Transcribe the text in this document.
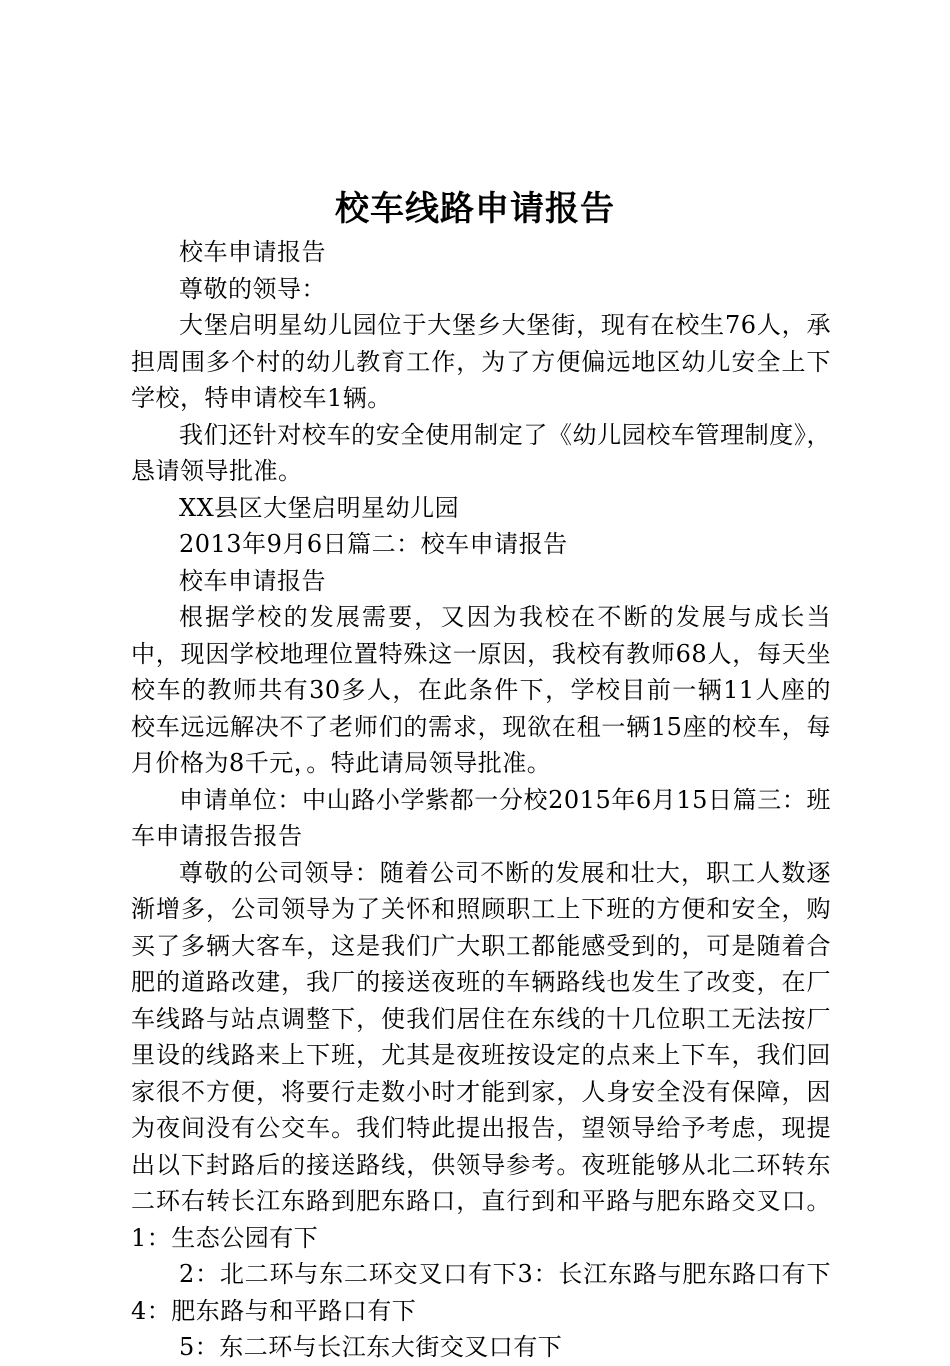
校车线路申请报告

校车申请报告

尊敬的领导：

大堡启明星幼儿园位于大堡乡大堡街，现有在校生76人，承担周围多个村的幼儿教育工作，为了方便偏远地区幼儿安全上下学校，特申请校车1辆。

我们还针对校车的安全使用制定了《幼儿园校车管理制度》，恳请领导批准。

XX县区大堡启明星幼儿园

2013年9月6日篇二：校车申请报告

校车申请报告

根据学校的发展需要，又因为我校在不断的发展与成长当中，现因学校地理位置特殊这一原因，我校有教师68人，每天坐校车的教师共有30多人，在此条件下，学校目前一辆11人座的校车远远解决不了老师们的需求，现欲在租一辆15座的校车，每月价格为8千元，。特此请局领导批准。

申请单位：中山路小学紫都一分校2015年6月15日篇三：班车申请报告报告

尊敬的公司领导：随着公司不断的发展和壮大，职工人数逐渐增多，公司领导为了关怀和照顾职工上下班的方便和安全，购买了多辆大客车，这是我们广大职工都能感受到的，可是随着合肥的道路改建，我厂的接送夜班的车辆路线也发生了改变，在厂车线路与站点调整下，使我们居住在东线的十几位职工无法按厂里设的线路来上下班，尤其是夜班按设定的点来上下车，我们回家很不方便，将要行走数小时才能到家，人身安全没有保障，因为夜间没有公交车。我们特此提出报告，望领导给予考虑，现提出以下封路后的接送路线，供领导参考。夜班能够从北二环转东二环右转长江东路到肥东路口，直行到和平路与肥东路交叉口。1：生态公园有下

2：北二环与东二环交叉口有下3：长江东路与肥东路口有下4：肥东路与和平路口有下

5：东二环与长江东大街交叉口有下
